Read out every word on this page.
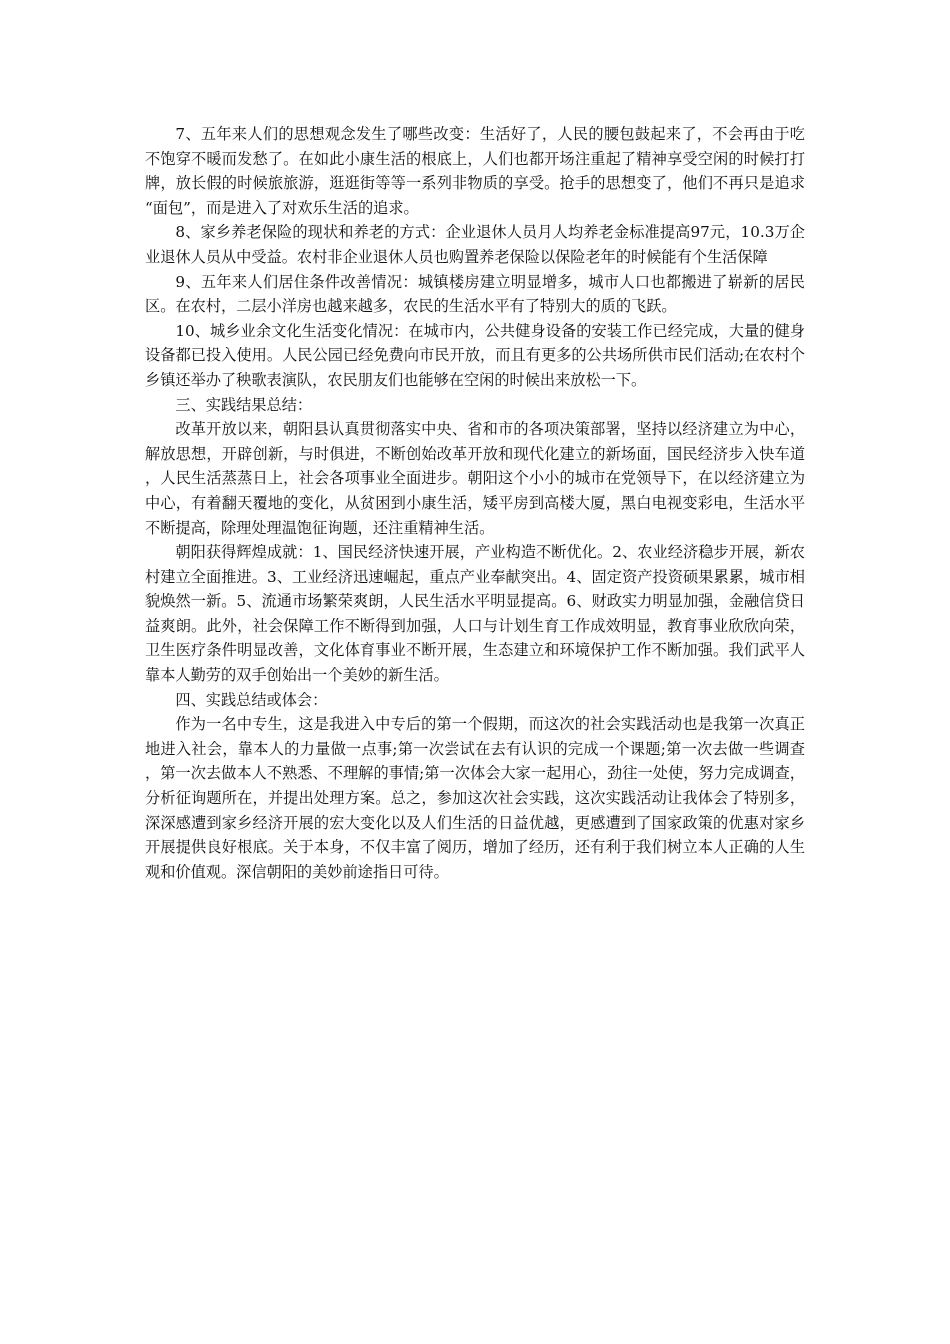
7、五年来人们的思想观念发生了哪些改变：生活好了，人民的腰包鼓起来了，不会再由于吃不饱穿不暖而发愁了。在如此小康生活的根底上，人们也都开场注重起了精神享受空闲的时候打打牌，放长假的时候旅旅游，逛逛街等等一系列非物质的享受。抢手的思想变了，他们不再只是追求“面包”，而是进入了对欢乐生活的追求。

8、家乡养老保险的现状和养老的方式：企业退休人员月人均养老金标准提高97元，10.3万企业退休人员从中受益。农村非企业退休人员也购置养老保险以保险老年的时候能有个生活保障

9、五年来人们居住条件改善情况：城镇楼房建立明显增多，城市人口也都搬进了崭新的居民区。在农村，二层小洋房也越来越多，农民的生活水平有了特别大的质的飞跃。

10、城乡业余文化生活变化情况：在城市内，公共健身设备的安装工作已经完成，大量的健身设备都已投入使用。人民公园已经免费向市民开放，而且有更多的公共场所供市民们活动;在农村个乡镇还举办了秧歌表演队，农民朋友们也能够在空闲的时候出来放松一下。

三、实践结果总结：

改革开放以来，朝阳县认真贯彻落实中央、省和市的各项决策部署，坚持以经济建立为中心，解放思想，开辟创新，与时俱进，不断创始改革开放和现代化建立的新场面，国民经济步入快车道，人民生活蒸蒸日上，社会各项事业全面进步。朝阳这个小小的城市在党领导下，在以经济建立为中心，有着翻天覆地的变化，从贫困到小康生活，矮平房到高楼大厦，黑白电视变彩电，生活水平不断提高，除理处理温饱征询题，还注重精神生活。

朝阳获得辉煌成就：1、国民经济快速开展，产业构造不断优化。2、农业经济稳步开展，新农村建立全面推进。3、工业经济迅速崛起，重点产业奉献突出。4、固定资产投资硕果累累，城市相貌焕然一新。5、流通市场繁荣爽朗，人民生活水平明显提高。6、财政实力明显加强，金融信贷日益爽朗。此外，社会保障工作不断得到加强，人口与计划生育工作成效明显，教育事业欣欣向荣，卫生医疗条件明显改善，文化体育事业不断开展，生态建立和环境保护工作不断加强。我们武平人靠本人勤劳的双手创始出一个美妙的新生活。

四、实践总结或体会：

作为一名中专生，这是我进入中专后的第一个假期，而这次的社会实践活动也是我第一次真正地进入社会，靠本人的力量做一点事;第一次尝试在去有认识的完成一个课题;第一次去做一些调查，第一次去做本人不熟悉、不理解的事情;第一次体会大家一起用心，劲往一处使，努力完成调查，分析征询题所在，并提出处理方案。总之，参加这次社会实践，这次实践活动让我体会了特别多，深深感遭到家乡经济开展的宏大变化以及人们生活的日益优越，更感遭到了国家政策的优惠对家乡开展提供良好根底。关于本身，不仅丰富了阅历，增加了经历，还有利于我们树立本人正确的人生观和价值观。深信朝阳的美妙前途指日可待。
